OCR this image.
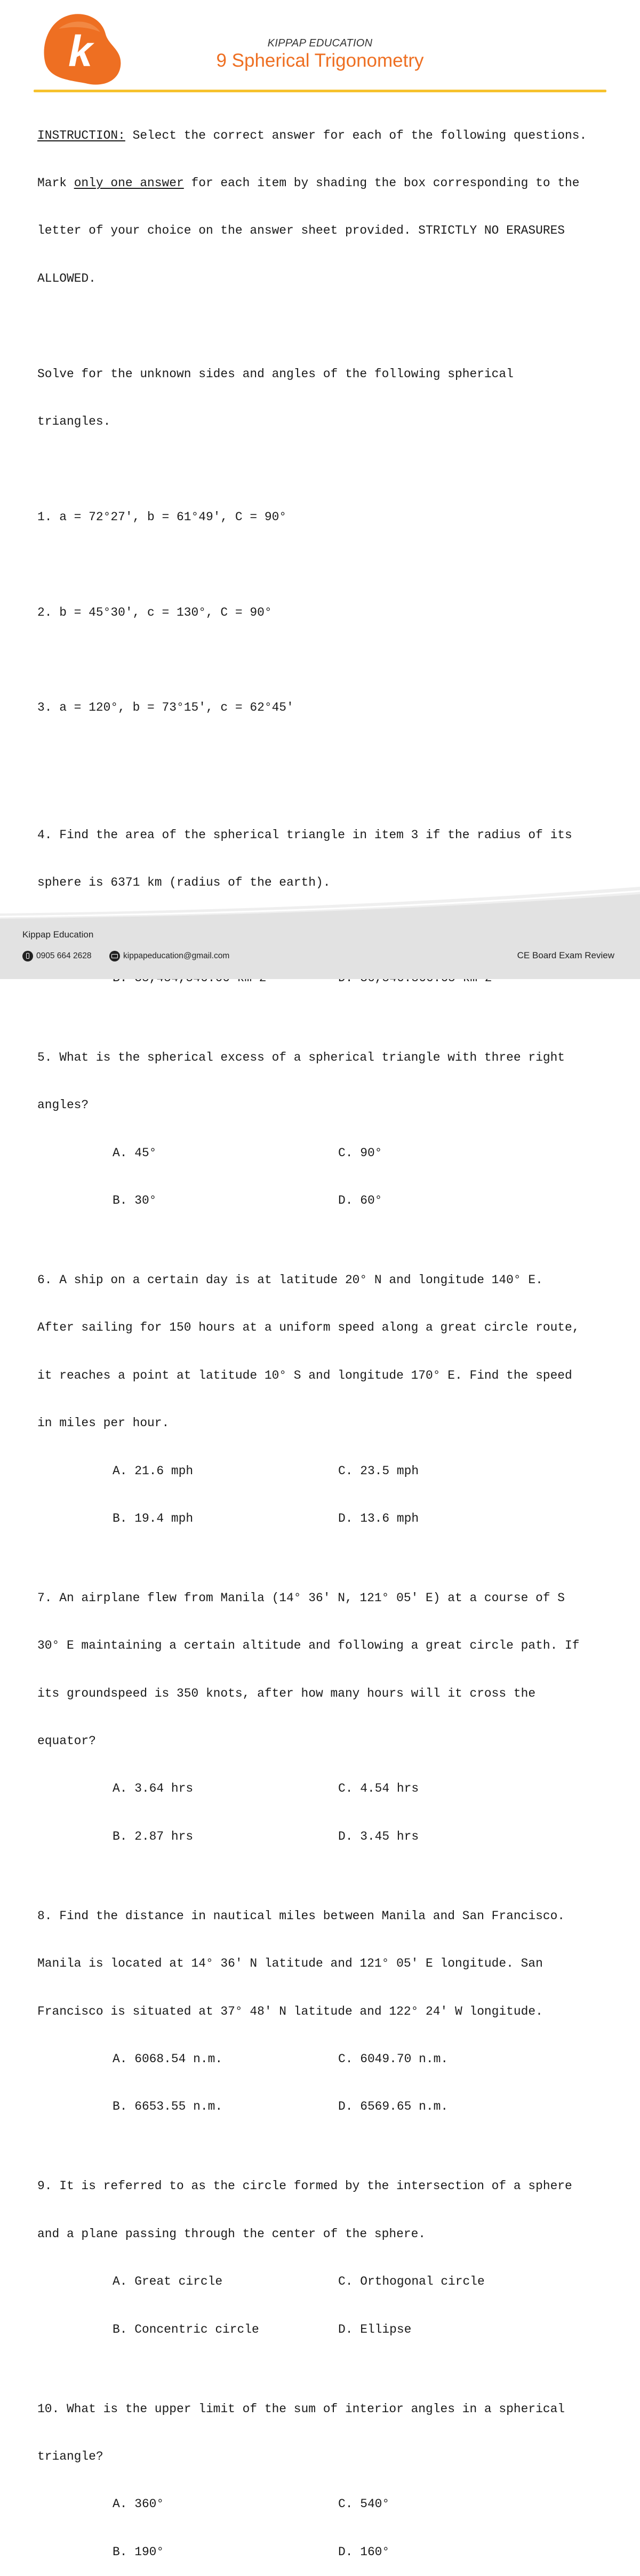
k	KIPPAP EDUCATION
9 Spherical Trigonometry

INSTRUCTION: Select the correct answer for each of the following questions.

Mark only one answer for each item by shading the box corresponding to the

letter of your choice on the answer sheet provided. STRICTLY NO ERASURES

ALLOWED.

Solve for the unknown sides and angles of the following spherical

triangles.

1. a = 72°27', b = 61°49', C = 90°

2. b = 45°30', c = 130°, C = 90°

3. a = 120°, b = 73°15', c = 62°45'

4. Find the area of the spherical triangle in item 3 if the radius of its

sphere is 6371 km (radius of the earth).

5. What is the spherical excess of a spherical triangle with three right

angles?

A. 45°	C. 90°

B. 30°	D. 60°

6. A ship on a certain day is at latitude 20° N and longitude 140° E.

After sailing for 150 hours at a uniform speed along a great circle route,

it reaches a point at latitude 10° S and longitude 170° E. Find the speed

in miles per hour.

A. 21.6 mph	C. 23.5 mph

B. 19.4 mph	D. 13.6 mph

7. An airplane flew from Manila (14° 36′ N, 121° 05′ E) at a course of S

30° E maintaining a certain altitude and following a great circle path. If

its groundspeed is 350 knots, after how many hours will it cross the

equator?

A. 3.64 hrs	C. 4.54 hrs

B. 2.87 hrs	D. 3.45 hrs

8. Find the distance in nautical miles between Manila and San Francisco.

Manila is located at 14° 36′ N latitude and 121° 05′ E longitude. San

Francisco is situated at 37° 48′ N latitude and 122° 24′ W longitude.

A. 6068.54 n.m.	C. 6049.70 n.m.

B. 6653.55 n.m.	D. 6569.65 n.m.

9. It is referred to as the circle formed by the intersection of a sphere

and a plane passing through the center of the sphere.

A. Great circle	C. Orthogonal circle

B. Concentric circle	D. Ellipse

10. What is the upper limit of the sum of interior angles in a spherical

triangle?

A. 360°	C. 540°

B. 190°	D. 160°

Kippap Education
0905 664 2628	kippapeducation@gmail.com	CE Board Exam Review
